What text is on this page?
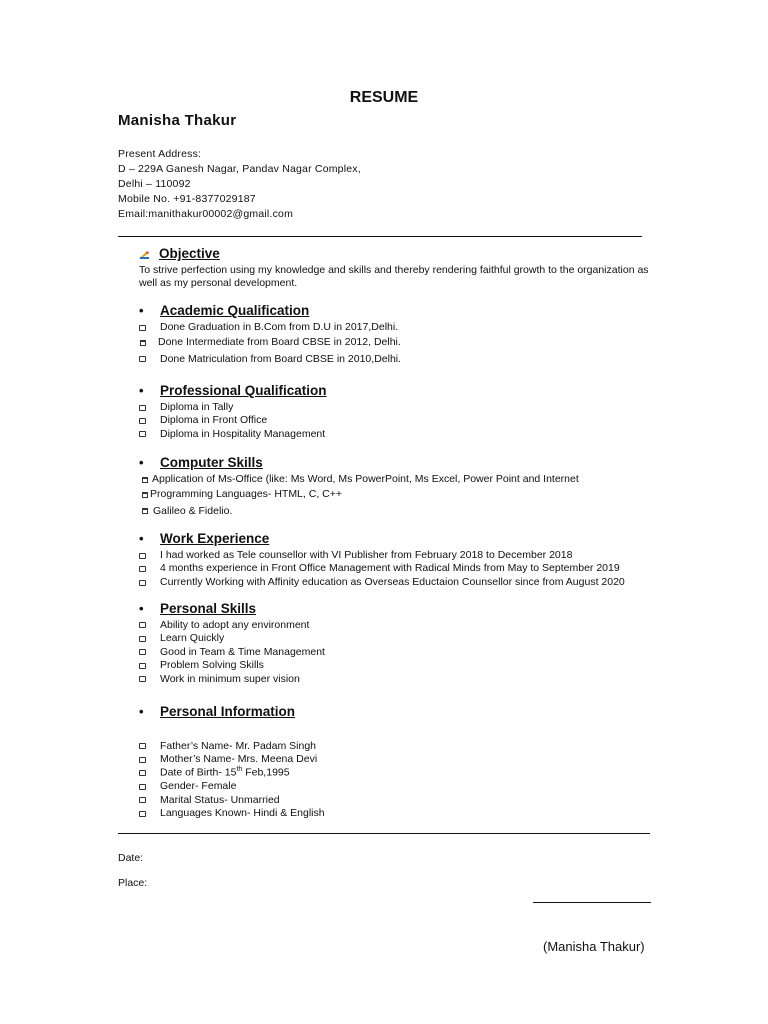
RESUME
Manisha Thakur
Present Address:
D – 229A Ganesh Nagar, Pandav Nagar Complex,
Delhi – 110092
Mobile No. +91-8377029187
Email:manithakur00002@gmail.com
Objective
To strive perfection using my knowledge and skills and thereby rendering faithful growth to the organization as well as my personal development.
• Academic Qualification
Done Graduation in B.Com from D.U in 2017,Delhi.
Done Intermediate from Board CBSE in 2012, Delhi.
Done Matriculation from Board CBSE in 2010,Delhi.
• Professional Qualification
Diploma in Tally
Diploma in Front Office
Diploma in Hospitality Management
• Computer Skills
Application of Ms-Office (like: Ms Word, Ms PowerPoint, Ms Excel, Power Point and Internet
Programming Languages- HTML, C, C++
Galileo & Fidelio.
• Work Experience
I had worked as Tele counsellor with VI Publisher from February 2018 to December 2018
4 months experience in Front Office Management with Radical Minds from May to September 2019
Currently Working with Affinity education as Overseas Eductaion Counsellor since from August 2020
• Personal Skills
Ability to adopt any environment
Learn Quickly
Good in Team & Time Management
Problem Solving Skills
Work in minimum super vision
• Personal Information
Father’s Name- Mr. Padam Singh
Mother’s Name- Mrs. Meena Devi
Date of Birth- 15th Feb,1995
Gender- Female
Marital Status- Unmarried
Languages Known- Hindi & English
Date:
Place:
(Manisha Thakur)
